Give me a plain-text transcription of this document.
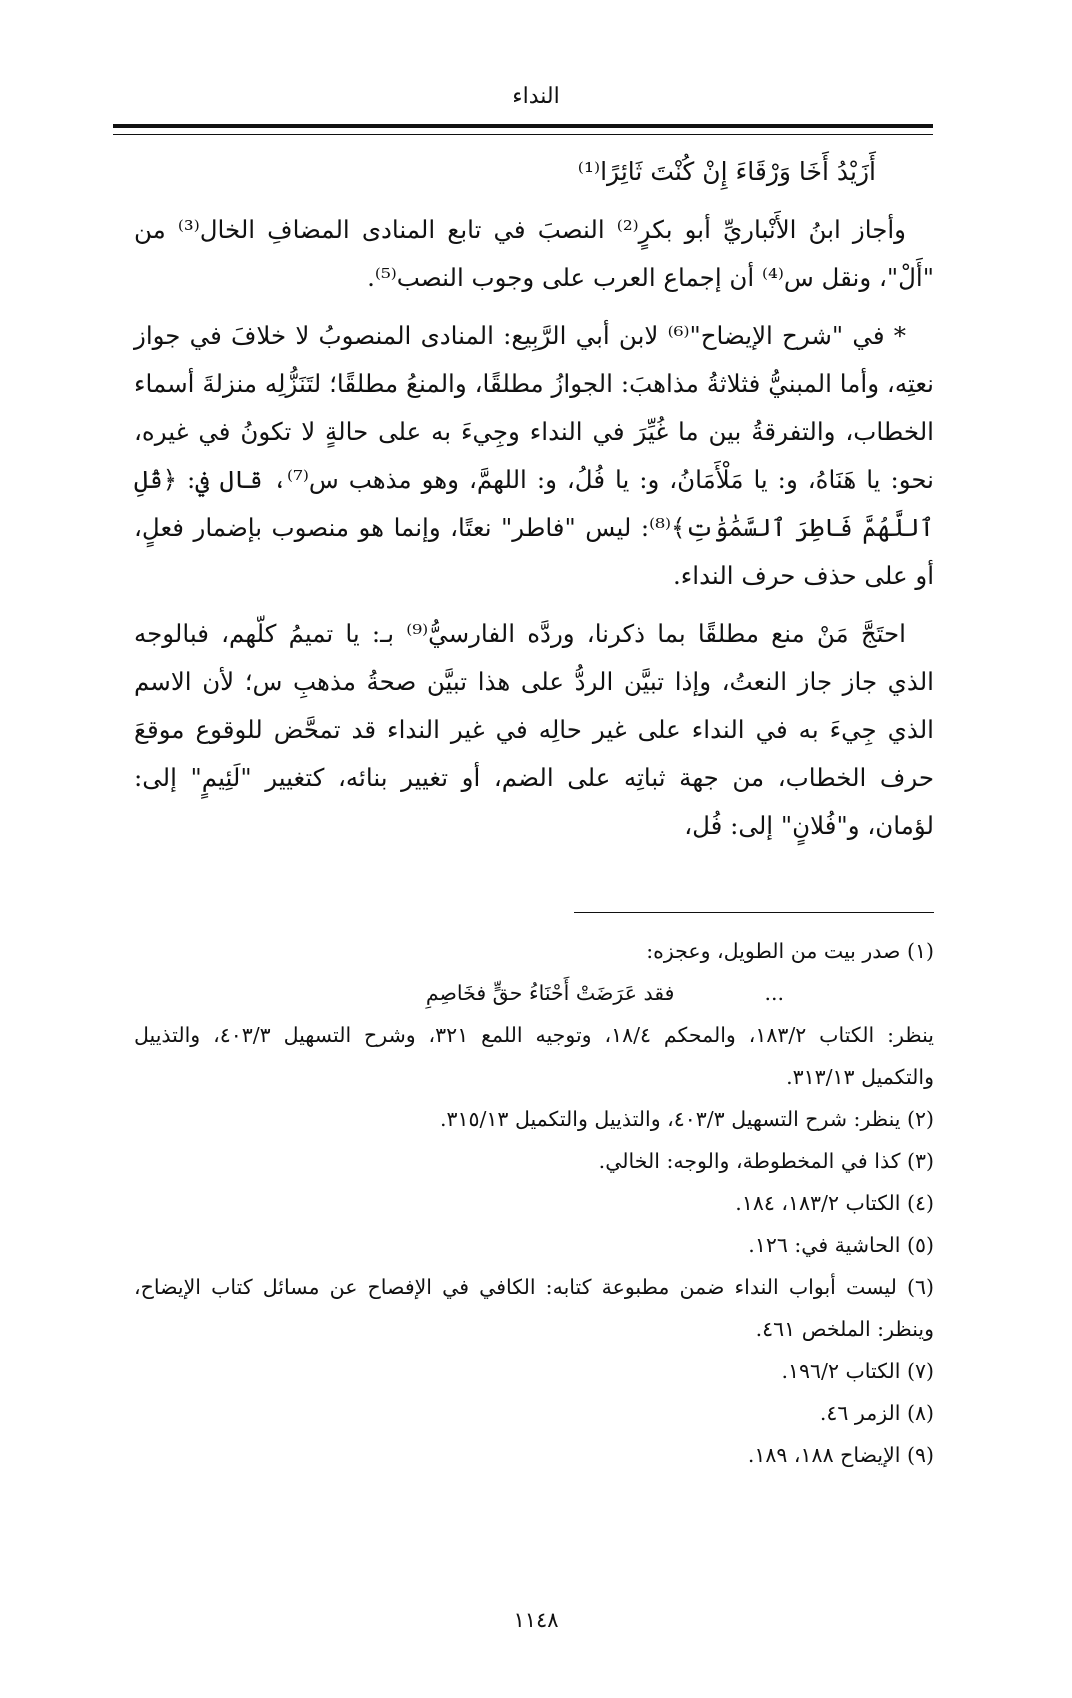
النداء

أَزَيْدُ أَخَا وَرْقَاءَ إِنْ كُنْتَ ثَائِرًا⁽¹⁾

وأجاز ابنُ الأَنْباريِّ أبو بكرٍ⁽²⁾ النصبَ في تابع المنادى المضافِ الخال⁽³⁾ من "أَلْ"، ونقل س⁽⁴⁾ أن إجماع العرب على وجوب النصب⁽⁵⁾.

* في "شرح الإيضاح"⁽⁶⁾ لابن أبي الرَّبِيع: المنادى المنصوبُ لا خلافَ في جواز نعتِه، وأما المبنيُّ فثلاثةُ مذاهبَ: الجوازُ مطلقًا، والمنعُ مطلقًا؛ لتَنَزُّلِه منزلةَ أسماء الخطاب، والتفرقةُ بين ما غُيِّرَ في النداء وجِيءَ به على حالةٍ لا تكونُ في غيره، نحو: يا هَنَاهُ، و: يا مَلْأَمَانُ، و: يا فُلُ، و: اللهمَّ، وهو مذهب س⁽⁷⁾، قال في: ﴿قُلِ ٱللَّهُمَّ فَاطِرَ ٱلسَّمَٰوَٰتِ﴾⁽⁸⁾: ليس "فاطر" نعتًا، وإنما هو منصوب بإضمار فعلٍ، أو على حذف حرف النداء.

احتَجَّ مَنْ منع مطلقًا بما ذكرنا، وردَّه الفارسيُّ⁽⁹⁾ بـ: يا تميمُ كلّهم، فبالوجه الذي جاز جاز النعتُ، وإذا تبيَّن الردُّ على هذا تبيَّن صحةُ مذهبِ س؛ لأن الاسم الذي جِيءَ به في النداء على غير حالِه في غير النداء قد تمحَّض للوقوع موقعَ حرف الخطاب، من جهة ثباتِه على الضم، أو تغيير بنائه، كتغيير "لَئِيمٍ" إلى: لؤمان، و"فُلانٍ" إلى: فُل،

(١) صدر بيت من الطويل، وعجزه:

...
فقد عَرَضَتْ أَحْنَاءُ حقٍّ فخَاصِمِ

ينظر: الكتاب ١٨٣/٢، والمحكم ١٨/٤، وتوجيه اللمع ٣٢١، وشرح التسهيل ٤٠٣/٣، والتذييل والتكميل ٣١٣/١٣.

(٢) ينظر: شرح التسهيل ٤٠٣/٣، والتذييل والتكميل ٣١٥/١٣.

(٣) كذا في المخطوطة، والوجه: الخالي.

(٤) الكتاب ١٨٣/٢، ١٨٤.

(٥) الحاشية في: ١٢٦.

(٦) ليست أبواب النداء ضمن مطبوعة كتابه: الكافي في الإفصاح عن مسائل كتاب الإيضاح، وينظر: الملخص ٤٦١.

(٧) الكتاب ١٩٦/٢.

(٨) الزمر ٤٦.

(٩) الإيضاح ١٨٨، ١٨٩.

١١٤٨
